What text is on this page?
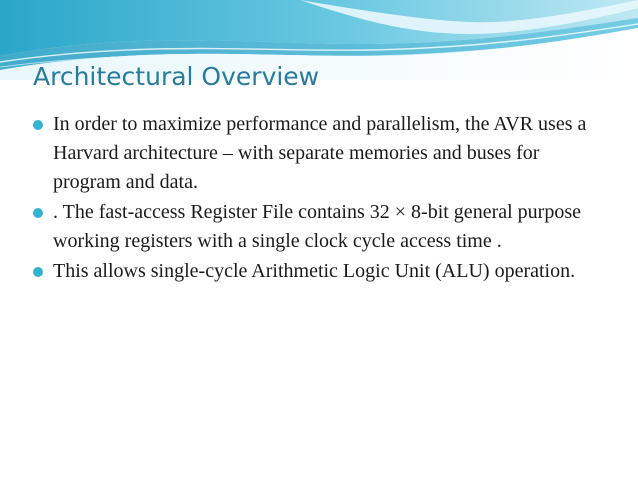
Architectural Overview
In order to maximize performance and parallelism, the AVR uses a Harvard architecture – with separate memories and buses for program and data.
. The fast-access Register File contains 32 × 8-bit general purpose working registers with a single clock cycle access time .
This allows single-cycle Arithmetic Logic Unit (ALU) operation.
